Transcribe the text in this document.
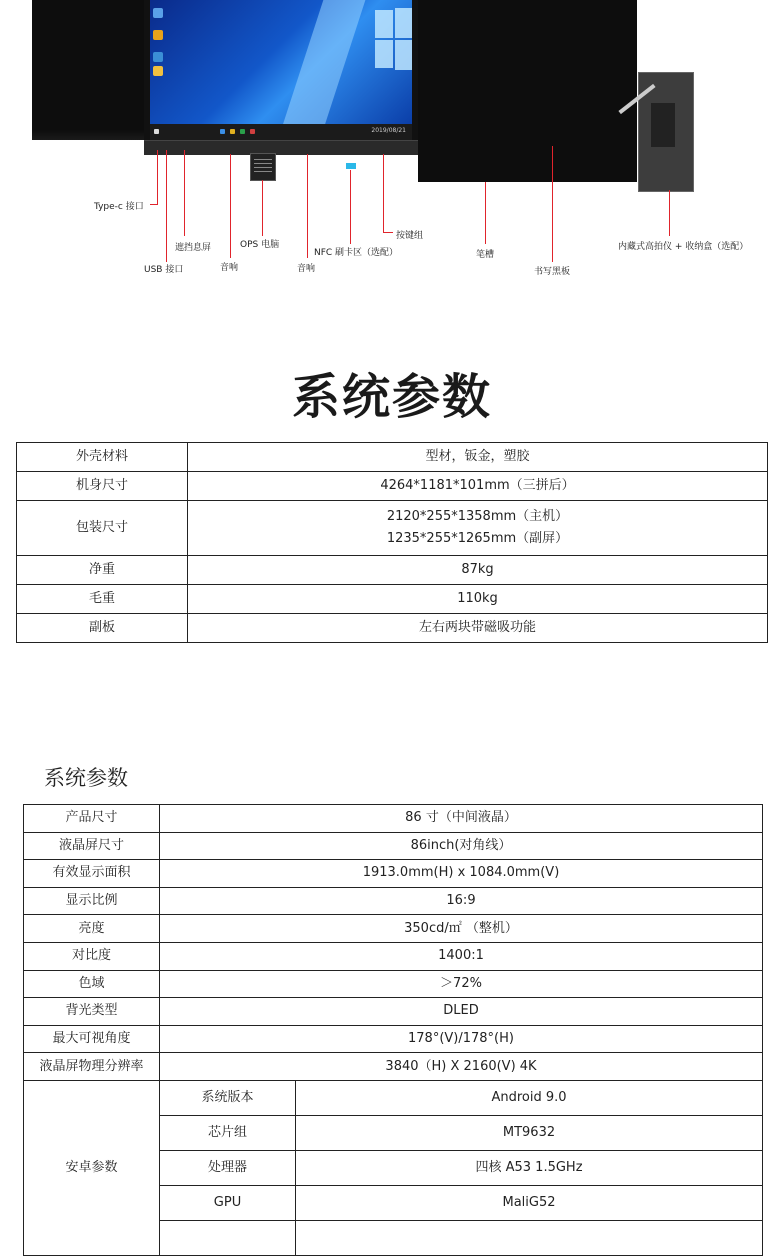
2019/08/21
Type-c 接口
USB 接口
遮挡息屏
音响
OPS 电脑
音响
NFC 刷卡区（选配）
按键组
笔槽
书写黑板
内藏式高拍仪 + 收纳盒（选配）
系统参数
外壳材料	型材，钣金，塑胶
机身尺寸	4264*1181*101mm（三拼后）
包装尺寸	2120*255*1358mm（主机）
1235*255*1265mm（副屏）

净重	87kg
毛重	110kg
副板	左右两块带磁吸功能
系统参数
产品尺寸	86 寸（中间液晶）	
液晶屏尺寸	86inch(对角线）	
有效显示面积	1913.0mm(H) x 1084.0mm(V)	
显示比例	16:9	
亮度	350cd/㎡ （整机）	
对比度	1400:1	
色域	＞72%	
背光类型	DLED	
最大可视角度	178°(V)/178°(H)	
液晶屏物理分辨率	3840（H) X 2160(V) 4K	
安卓参数	系统版本	Android 9.0
	芯片组	MT9632
	处理器	四核 A53 1.5GHz
	GPU	MaliG52
